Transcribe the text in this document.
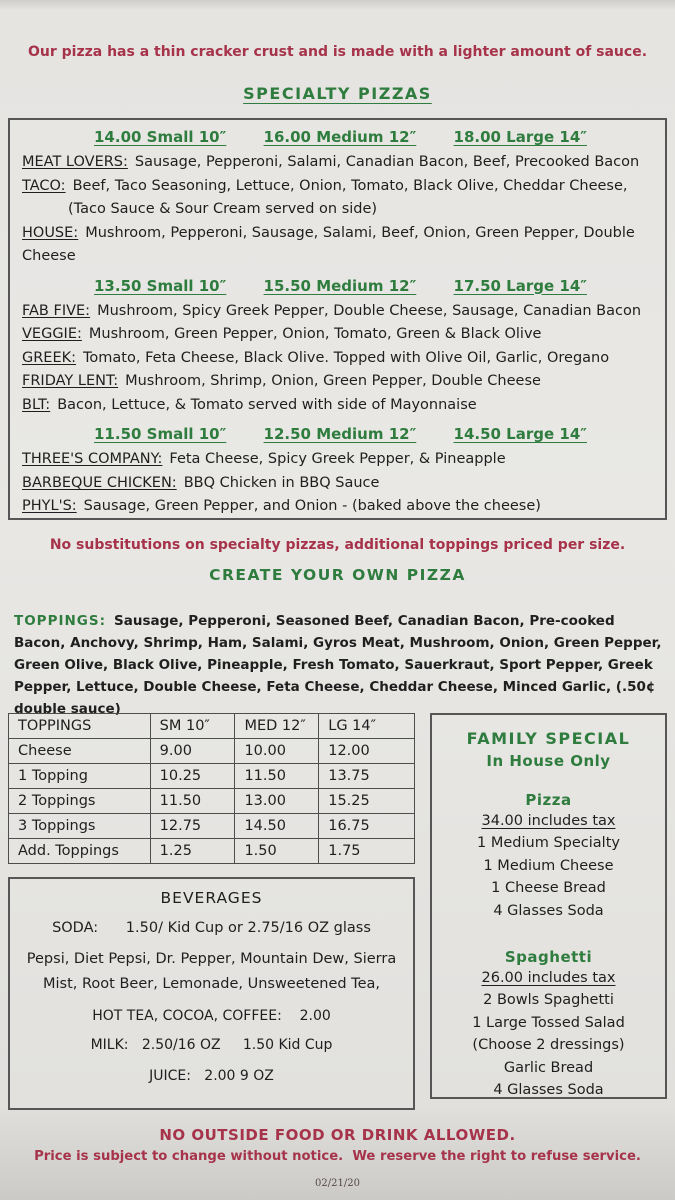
Our pizza has a thin cracker crust and is made with a lighter amount of sauce.
SPECIALTY PIZZAS
14.00 Small 10″ 16.00 Medium 12″ 18.00 Large 14″
MEAT LOVERS: Sausage, Pepperoni, Salami, Canadian Bacon, Beef, Precooked Bacon
TACO: Beef, Taco Seasoning, Lettuce, Onion, Tomato, Black Olive, Cheddar Cheese,
(Taco Sauce & Sour Cream served on side)
HOUSE: Mushroom, Pepperoni, Sausage, Salami, Beef, Onion, Green Pepper, Double Cheese
13.50 Small 10″ 15.50 Medium 12″ 17.50 Large 14″
FAB FIVE: Mushroom, Spicy Greek Pepper, Double Cheese, Sausage, Canadian Bacon
VEGGIE: Mushroom, Green Pepper, Onion, Tomato, Green & Black Olive
GREEK: Tomato, Feta Cheese, Black Olive. Topped with Olive Oil, Garlic, Oregano
FRIDAY LENT: Mushroom, Shrimp, Onion, Green Pepper, Double Cheese
BLT: Bacon, Lettuce, & Tomato served with side of Mayonnaise
11.50 Small 10″ 12.50 Medium 12″ 14.50 Large 14″
THREE'S COMPANY: Feta Cheese, Spicy Greek Pepper, & Pineapple
BARBEQUE CHICKEN: BBQ Chicken in BBQ Sauce
PHYL'S: Sausage, Green Pepper, and Onion - (baked above the cheese)
No substitutions on specialty pizzas, additional toppings priced per size.
CREATE YOUR OWN PIZZA

TOPPINGS: Sausage, Pepperoni, Seasoned Beef, Canadian Bacon, Pre-cooked Bacon, Anchovy, Shrimp, Ham, Salami, Gyros Meat, Mushroom, Onion, Green Pepper, Green Olive, Black Olive, Pineapple, Fresh Tomato, Sauerkraut, Sport Pepper, Greek Pepper, Lettuce, Double Cheese, Feta Cheese, Cheddar Cheese, Minced Garlic, (.50¢ double sauce)

TOPPINGS	SM 10″	MED 12″	LG 14″
Cheese	9.00	10.00	12.00
1 Topping	10.25	11.50	13.75
2 Toppings	11.50	13.00	15.25
3 Toppings	12.75	14.50	16.75
Add. Toppings	1.25	1.50	1.75
BEVERAGES
SODA:      1.50/ Kid Cup or 2.75/16 OZ glass
Pepsi, Diet Pepsi, Dr. Pepper, Mountain Dew, Sierra Mist, Root Beer, Lemonade, Unsweetened Tea,
HOT TEA, COCOA, COFFEE:    2.00
MILK:   2.50/16 OZ     1.50 Kid Cup
JUICE:   2.00 9 OZ
FAMILY SPECIAL
In House Only
Pizza
34.00 includes tax
1 Medium Specialty
1 Medium Cheese
1 Cheese Bread
4 Glasses Soda
Spaghetti
26.00 includes tax
2 Bowls Spaghetti
1 Large Tossed Salad
(Choose 2 dressings)
Garlic Bread
4 Glasses Soda
NO OUTSIDE FOOD OR DRINK ALLOWED.
Price is subject to change without notice.  We reserve the right to refuse service.
02/21/20
